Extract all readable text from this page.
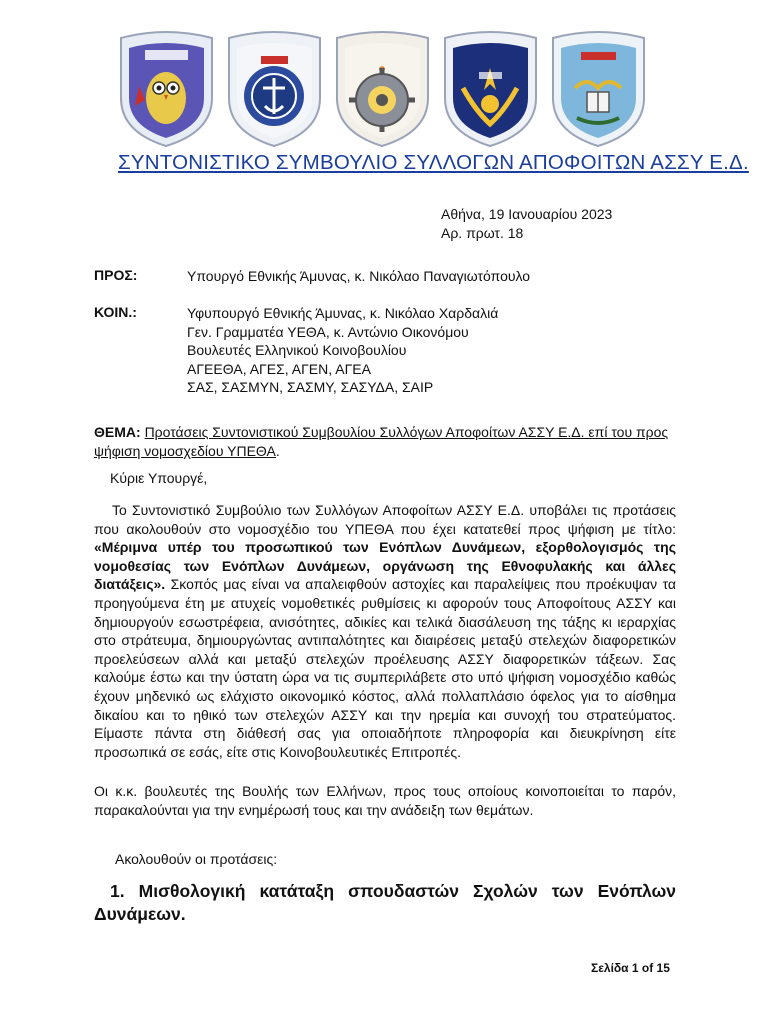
ΣΥΝΤΟΝΙΣΤΙΚΟ ΣΥΜΒΟΥΛΙΟ ΣΥΛΛΟΓΩΝ ΑΠΟΦΟΙΤΩΝ ΑΣΣΥ Ε.Δ.
Αθήνα, 19 Ιανουαρίου 2023
Αρ. πρωτ. 18
ΠΡΟΣ:	Υπουργό Εθνικής Άμυνας, κ. Νικόλαο Παναγιωτόπουλο
ΚΟΙΝ.:	Υφυπουργό Εθνικής Άμυνας, κ. Νικόλαο Χαρδαλιά
Γεν. Γραμματέα ΥΕΘΑ, κ. Αντώνιο Οικονόμου
Βουλευτές Ελληνικού Κοινοβουλίου
ΑΓΕΕΘΑ, ΑΓΕΣ, ΑΓΕΝ, ΑΓΕΑ
ΣΑΣ, ΣΑΣΜΥΝ, ΣΑΣΜΥ, ΣΑΣΥΔΑ, ΣΑΙΡ
ΘΕΜΑ: Προτάσεις Συντονιστικού Συμβουλίου Συλλόγων Αποφοίτων ΑΣΣΥ Ε.Δ. επί του προς ψήφιση νομοσχεδίου ΥΠΕΘΑ.
Κύριε Υπουργέ,
Το Συντονιστικό Συμβούλιο των Συλλόγων Αποφοίτων ΑΣΣΥ Ε.Δ. υποβάλει τις προτάσεις που ακολουθούν στο νομοσχέδιο του ΥΠΕΘΑ που έχει κατατεθεί προς ψήφιση με τίτλο: «Μέριμνα υπέρ του προσωπικού των Ενόπλων Δυνάμεων, εξορθολογισμός της νομοθεσίας των Ενόπλων Δυνάμεων, οργάνωση της Εθνοφυλακής και άλλες διατάξεις». Σκοπός μας είναι να απαλειφθούν αστοχίες και παραλείψεις που προέκυψαν τα προηγούμενα έτη με ατυχείς νομοθετικές ρυθμίσεις κι αφορούν τους Αποφοίτους ΑΣΣΥ και δημιουργούν εσωστρέφεια, ανισότητες, αδικίες και τελικά διασάλευση της τάξης κι ιεραρχίας στο στράτευμα, δημιουργώντας αντιπαλότητες και διαιρέσεις μεταξύ στελεχών διαφορετικών προελεύσεων αλλά και μεταξύ στελεχών προέλευσης ΑΣΣΥ διαφορετικών τάξεων. Σας καλούμε έστω και την ύστατη ώρα να τις συμπεριλάβετε στο υπό ψήφιση νομοσχέδιο καθώς έχουν μηδενικό ως ελάχιστο οικονομικό κόστος, αλλά πολλαπλάσιο όφελος για το αίσθημα δικαίου και το ηθικό των στελεχών ΑΣΣΥ και την ηρεμία και συνοχή του στρατεύματος. Είμαστε πάντα στη διάθεσή σας για οποιαδήποτε πληροφορία και διευκρίνηση είτε προσωπικά σε εσάς, είτε στις Κοινοβουλευτικές Επιτροπές.
Οι κ.κ. βουλευτές της Βουλής των Ελλήνων, προς τους οποίους κοινοποιείται το παρόν, παρακαλούνται για την ενημέρωσή τους και την ανάδειξη των θεμάτων.
Ακολουθούν οι προτάσεις:
1. Μισθολογική κατάταξη σπουδαστών Σχολών των Ενόπλων Δυνάμεων.
Σελίδα 1 of 15
